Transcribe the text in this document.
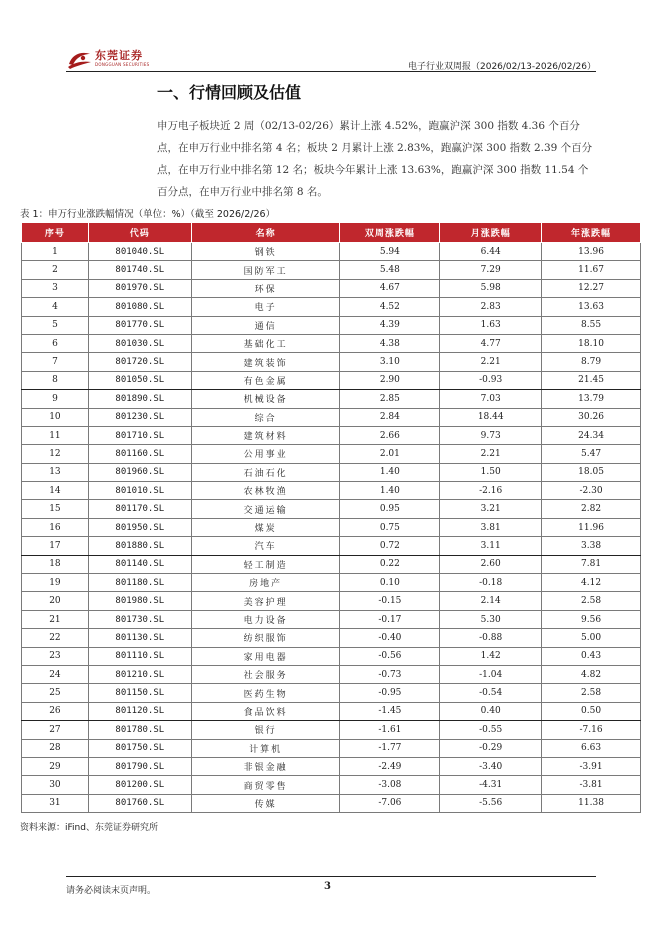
东莞证券
DONGGUAN SECURITIES	电子行业双周报（2026/02/13-2026/02/26）
一、行情回顾及估值
申万电子板块近 2 周（02/13-02/26）累计上涨 4.52%，跑赢沪深 300 指数 4.36 个百分点，在申万行业中排名第 4 名；板块 2 月累计上涨 2.83%，跑赢沪深 300 指数 2.39 个百分点，在申万行业中排名第 12 名；板块今年累计上涨 13.63%，跑赢沪深 300 指数 11.54 个百分点，在申万行业中排名第 8 名。
表 1：申万行业涨跌幅情况（单位：%）（截至 2026/2/26）
序号	代码	名称	双周涨跌幅	月涨跌幅	年涨跌幅
1	801040.SL	钢铁	5.94	6.44	13.96
2	801740.SL	国防军工	5.48	7.29	11.67
3	801970.SL	环保	4.67	5.98	12.27
4	801080.SL	电子	4.52	2.83	13.63
5	801770.SL	通信	4.39	1.63	8.55
6	801030.SL	基础化工	4.38	4.77	18.10
7	801720.SL	建筑装饰	3.10	2.21	8.79
8	801050.SL	有色金属	2.90	-0.93	21.45
9	801890.SL	机械设备	2.85	7.03	13.79
10	801230.SL	综合	2.84	18.44	30.26
11	801710.SL	建筑材料	2.66	9.73	24.34
12	801160.SL	公用事业	2.01	2.21	5.47
13	801960.SL	石油石化	1.40	1.50	18.05
14	801010.SL	农林牧渔	1.40	-2.16	-2.30
15	801170.SL	交通运输	0.95	3.21	2.82
16	801950.SL	煤炭	0.75	3.81	11.96
17	801880.SL	汽车	0.72	3.11	3.38
18	801140.SL	轻工制造	0.22	2.60	7.81
19	801180.SL	房地产	0.10	-0.18	4.12
20	801980.SL	美容护理	-0.15	2.14	2.58
21	801730.SL	电力设备	-0.17	5.30	9.56
22	801130.SL	纺织服饰	-0.40	-0.88	5.00
23	801110.SL	家用电器	-0.56	1.42	0.43
24	801210.SL	社会服务	-0.73	-1.04	4.82
25	801150.SL	医药生物	-0.95	-0.54	2.58
26	801120.SL	食品饮料	-1.45	0.40	0.50
27	801780.SL	银行	-1.61	-0.55	-7.16
28	801750.SL	计算机	-1.77	-0.29	6.63
29	801790.SL	非银金融	-2.49	-3.40	-3.91
30	801200.SL	商贸零售	-3.08	-4.31	-3.81
31	801760.SL	传媒	-7.06	-5.56	11.38
资料来源：iFind、东莞证券研究所
请务必阅读末页声明。	3
